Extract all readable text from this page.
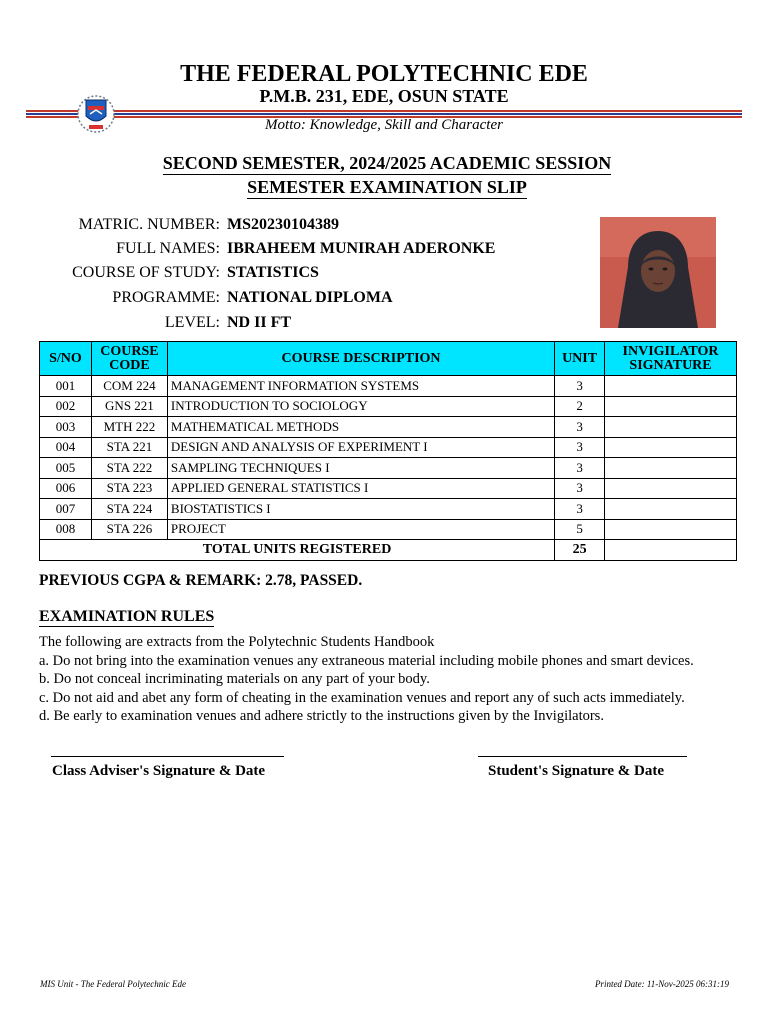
THE FEDERAL POLYTECHNIC EDE
P.M.B. 231, EDE, OSUN STATE
Motto: Knowledge, Skill and Character
SECOND SEMESTER, 2024/2025 ACADEMIC SESSION
SEMESTER EXAMINATION SLIP
MATRIC. NUMBER: MS20230104389
FULL NAMES: IBRAHEEM MUNIRAH ADERONKE
COURSE OF STUDY: STATISTICS
PROGRAMME: NATIONAL DIPLOMA
LEVEL: ND II FT
S/NO	COURSE CODE	COURSE DESCRIPTION	UNIT	INVIGILATOR SIGNATURE
001	COM 224	MANAGEMENT INFORMATION SYSTEMS	3	
002	GNS 221	INTRODUCTION TO SOCIOLOGY	2	
003	MTH 222	MATHEMATICAL METHODS	3	
004	STA 221	DESIGN AND ANALYSIS OF EXPERIMENT I	3	
005	STA 222	SAMPLING TECHNIQUES I	3	
006	STA 223	APPLIED GENERAL STATISTICS I	3	
007	STA 224	BIOSTATISTICS I	3	
008	STA 226	PROJECT	5	
TOTAL UNITS REGISTERED			25	
PREVIOUS CGPA & REMARK: 2.78, PASSED.
EXAMINATION RULES

The following are extracts from the Polytechnic Students Handbook

a. Do not bring into the examination venues any extraneous material including mobile phones and smart devices.

b. Do not conceal incriminating materials on any part of your body.

c. Do not aid and abet any form of cheating in the examination venues and report any of such acts immediately.

d. Be early to examination venues and adhere strictly to the instructions given by the Invigilators.

Class Adviser's Signature & Date	Student's Signature & Date
MIS Unit - The Federal Polytechnic Ede	Printed Date: 11-Nov-2025 06:31:19
